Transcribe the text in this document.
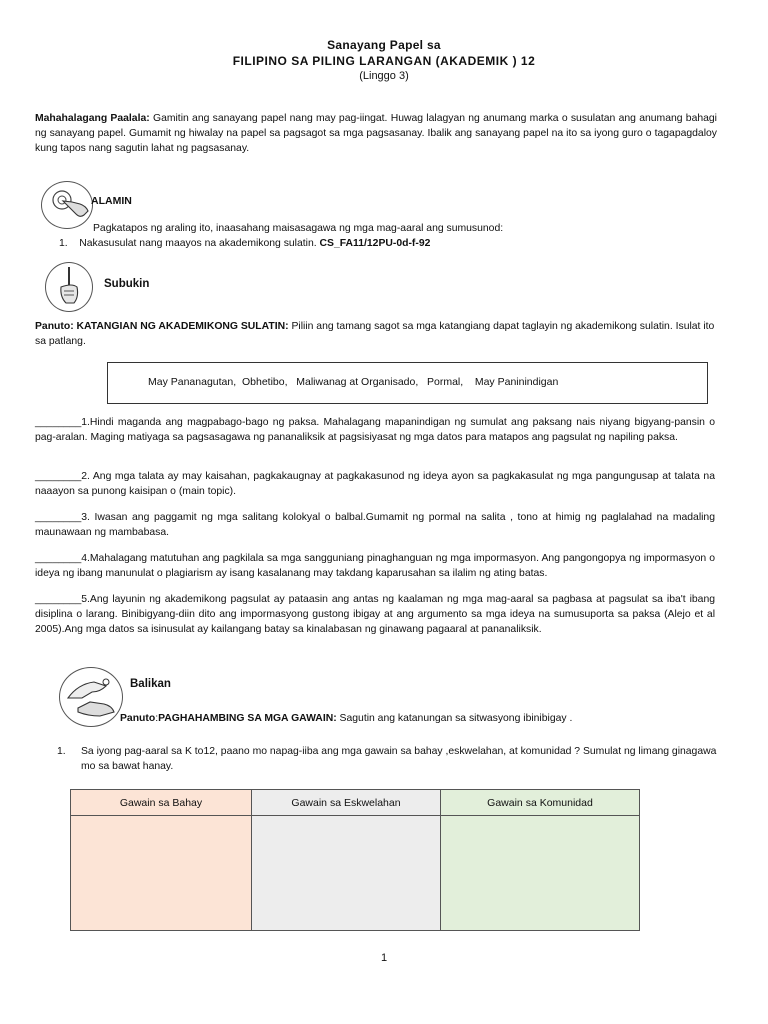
Sanayang Papel sa
FILIPINO SA PILING LARANGAN (AKADEMIK ) 12
(Linggo 3)
Mahahalagang Paalala: Gamitin ang sanayang papel nang may pag-iingat. Huwag lalagyan ng anumang marka o susulatan ang anumang bahagi ng sanayang papel. Gumamit ng hiwalay na papel sa pagsagot sa mga pagsasanay. Ibalik ang sanayang papel na ito sa iyong guro o tagapagdaloy kung tapos nang sagutin lahat ng pagsasanay.
ALAMIN
Pagkatapos ng araling ito, inaasahang maisasagawa ng mga mag-aaral ang sumusunod:
1. Nakasusulat nang maayos na akademikong sulatin. CS_FA11/12PU-0d-f-92
Subukin
Panuto: KATANGIAN NG AKADEMIKONG SULATIN: Piliin ang tamang sagot sa mga katangiang dapat taglayin ng akademikong sulatin. Isulat ito sa patlang.
May Pananagutan,  Obhetibo,   Maliwanag at Organisado,   Pormal,    May Paninindigan
________1.Hindi maganda ang magpabago-bago ng paksa. Mahalagang mapanindigan ng sumulat ang paksang nais niyang bigyang-pansin o pag-aralan. Maging matiyaga sa pagsasagawa ng pananaliksik at pagsisiyasat ng mga datos para matapos ang pagsulat ng napiling paksa.
________2. Ang mga talata ay may kaisahan, pagkakaugnay at pagkakasunod ng ideya ayon sa pagkakasulat ng mga pangungusap at talata na naaayon sa punong kaisipan o (main topic).
________3. Iwasan ang paggamit ng mga salitang kolokyal o balbal.Gumamit ng pormal na salita , tono at himig ng paglalahad na madaling maunawaan ng mambabasa.
________4.Mahalagang matutuhan ang pagkilala sa mga sangguniang pinaghanguan ng mga impormasyon. Ang pangongopya ng impormasyon o ideya ng ibang manunulat o plagiarism ay isang kasalanang may takdang kaparusahan sa ilalim ng ating batas.
________5.Ang layunin ng akademikong pagsulat ay pataasin ang antas ng kaalaman ng mga mag-aaral sa pagbasa at pagsulat sa iba't ibang disiplina o larang. Binibigyang-diin dito ang impormasyong gustong ibigay at ang argumento sa mga ideya na sumusuporta sa paksa (Alejo et al 2005).Ang mga datos sa isinusulat ay kailangang batay sa kinalabasan ng ginawang pagaaral at pananaliksik.
Balikan
Panuto:PAGHAHAMBING SA MGA GAWAIN: Sagutin ang katanungan sa sitwasyong ibinibigay .
1. Sa iyong pag-aaral sa K to12, paano mo napag-iiba ang mga gawain sa bahay ,eskwelahan, at komunidad ? Sumulat ng limang ginagawa mo sa bawat hanay.
Gawain sa Bahay	Gawain sa Eskwelahan	Gawain sa Komunidad

1
